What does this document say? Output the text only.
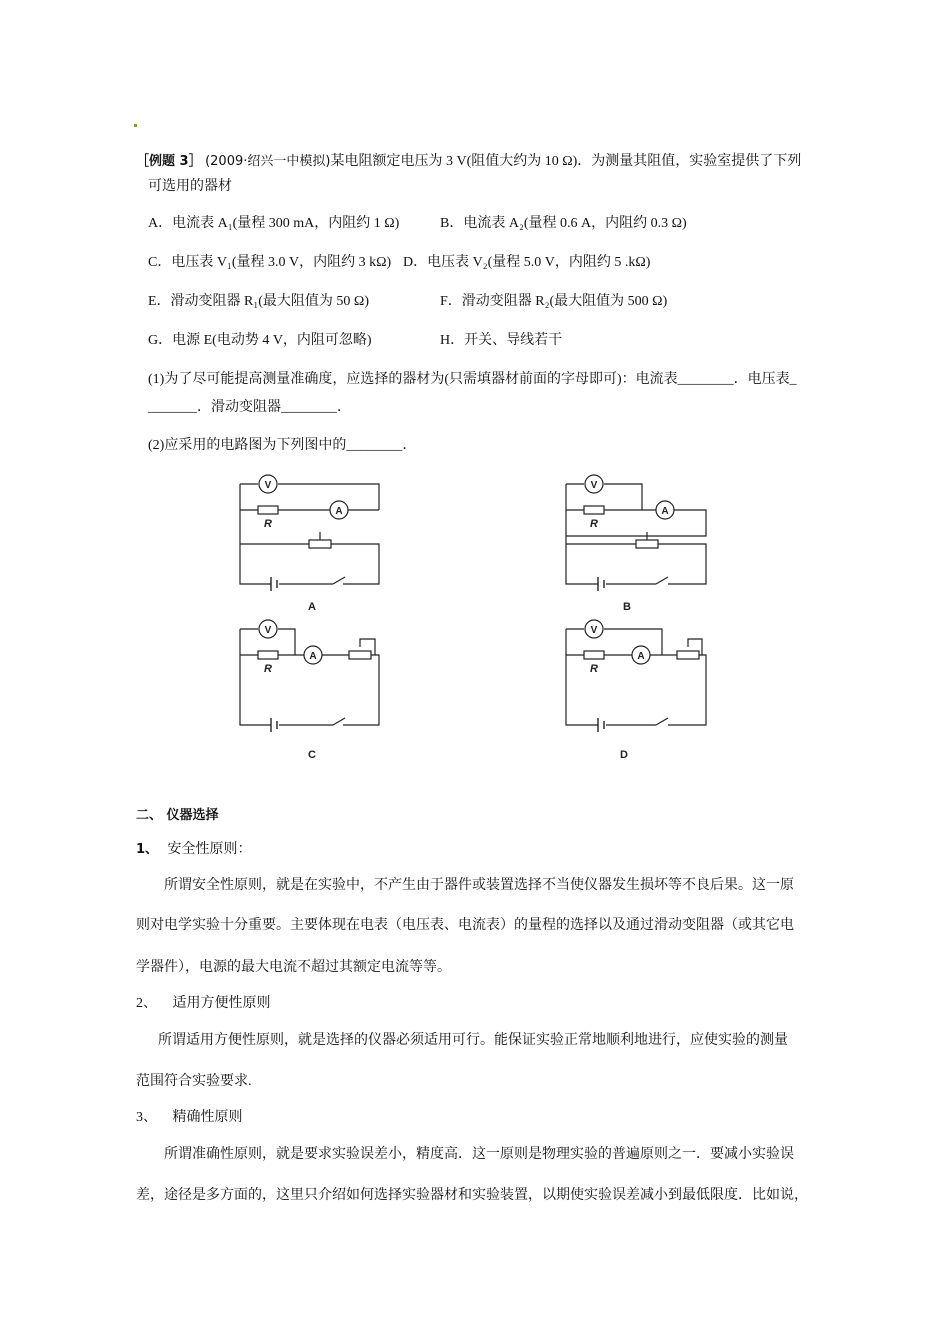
［例题 3］ (2009·绍兴一中模拟)某电阻额定电压为 3 V(阻值大约为 10 Ω)．为测量其阻值，实验室提供了下列
可选用的器材
A．电流表 A₁(量程 300 mA，内阻约 1 Ω)	B．电流表 A₂(量程 0.6 A，内阻约 0.3 Ω)
C．电压表 V₁(量程 3.0 V，内阻约 3 kΩ) D．电压表 V₂(量程 5.0 V，内阻约 5 .kΩ)
E．滑动变阻器 R₁(最大阻值为 50 Ω)	F．滑动变阻器 R₂(最大阻值为 500 Ω)
G．电源 E(电动势 4 V，内阻可忽略)	H．开关、导线若干
(1)为了尽可能提高测量准确度，应选择的器材为(只需填器材前面的字母即可)：电流表________．电压表_
_______．滑动变阻器________．
(2)应采用的电路图为下列图中的________．
V
A
V
A
V
A
V
A
R	R
R	R
A	B
C	D
二、 仪器选择
1、 安全性原则：
所谓安全性原则，就是在实验中，不产生由于器件或装置选择不当使仪器发生损坏等不良后果。这一原
则对电学实验十分重要。主要体现在电表（电压表、电流表）的量程的选择以及通过滑动变阻器（或其它电
学器件），电源的最大电流不超过其额定电流等等。
2、 适用方便性原则
所谓适用方便性原则，就是选择的仪器必须适用可行。能保证实验正常地顺利地进行，应使实验的测量
范围符合实验要求.
3、 精确性原则
所谓准确性原则，就是要求实验误差小，精度高．这一原则是物理实验的普遍原则之一．要减小实验误
差，途径是多方面的，这里只介绍如何选择实验器材和实验装置，以期使实验误差减小到最低限度．比如说，
